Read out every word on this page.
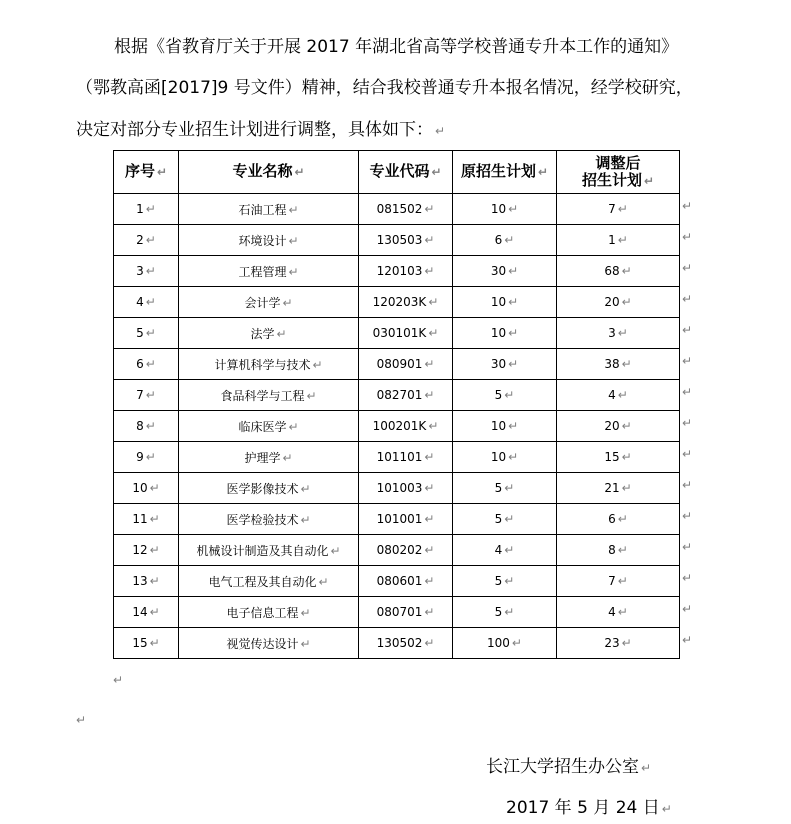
根据《省教育厅关于开展 2017 年湖北省高等学校普通专升本工作的通知》
（鄂教高函[2017]9 号文件）精神，结合我校普通专升本报名情况，经学校研究，
决定对部分专业招生计划进行调整，具体如下： ↵
序号 ↵	专业名称 ↵	专业代码 ↵	原招生计划 ↵	调整后
招生计划 ↵
1 ↵	石油工程 ↵	081502 ↵	10 ↵	7 ↵
2 ↵	环境设计 ↵	130503 ↵	6 ↵	1 ↵
3 ↵	工程管理 ↵	120103 ↵	30 ↵	68 ↵
4 ↵	会计学 ↵	120203K ↵	10 ↵	20 ↵
5 ↵	法学 ↵	030101K ↵	10 ↵	3 ↵
6 ↵	计算机科学与技术 ↵	080901 ↵	30 ↵	38 ↵
7 ↵	食品科学与工程 ↵	082701 ↵	5 ↵	4 ↵
8 ↵	临床医学 ↵	100201K ↵	10 ↵	20 ↵
9 ↵	护理学 ↵	101101 ↵	10 ↵	15 ↵
10 ↵	医学影像技术 ↵	101003 ↵	5 ↵	21 ↵
11 ↵	医学检验技术 ↵	101001 ↵	5 ↵	6 ↵
12 ↵	机械设计制造及其自动化 ↵	080202 ↵	4 ↵	8 ↵
13 ↵	电气工程及其自动化 ↵	080601 ↵	5 ↵	7 ↵
14 ↵	电子信息工程 ↵	080701 ↵	5 ↵	4 ↵
15 ↵	视觉传达设计 ↵	130502 ↵	100 ↵	23 ↵
↵
↵
↵
↵
↵
↵
↵
↵
↵
↵
↵
↵
↵
↵
↵
↵
↵
长江大学招生办公室 ↵
2017 年 5 月 24 日 ↵
